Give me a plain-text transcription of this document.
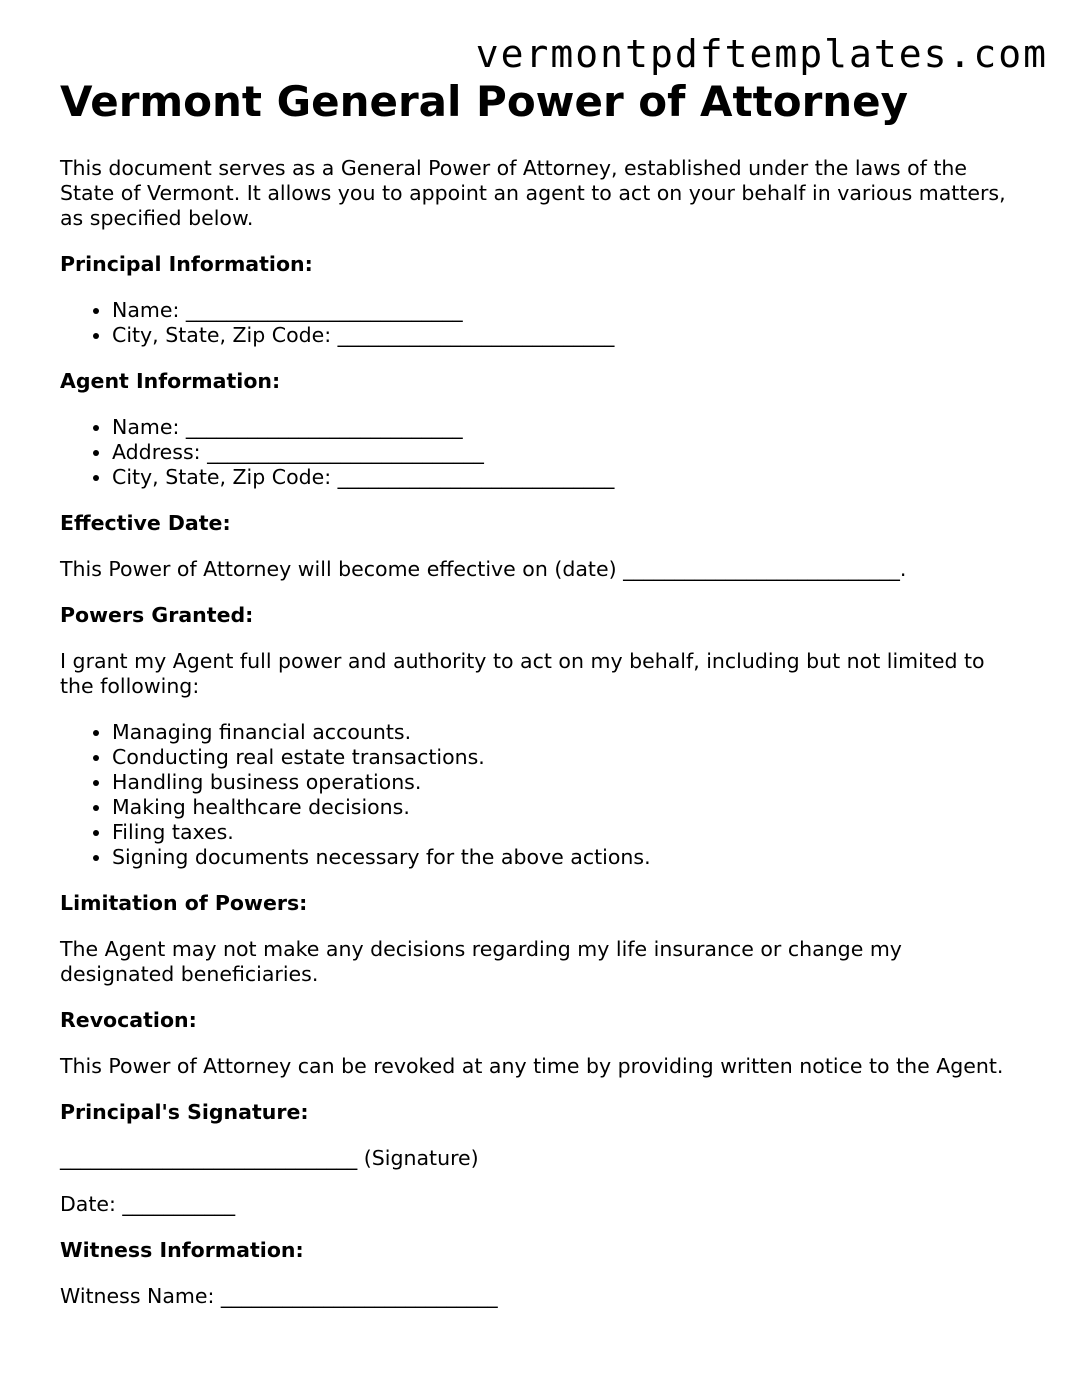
vermontpdftemplates.com
Vermont General Power of Attorney

This document serves as a General Power of Attorney, established under the laws of the State of Vermont. It allows you to appoint an agent to act on your behalf in various matters, as specified below.

Principal Information:
• Name: ___________________________
• City, State, Zip Code: ___________________________
Agent Information:
• Name: ___________________________
• Address: ___________________________
• City, State, Zip Code: ___________________________
Effective Date:

This Power of Attorney will become effective on (date) ___________________________.

Powers Granted:

I grant my Agent full power and authority to act on my behalf, including but not limited to the following:

• Managing financial accounts.
• Conducting real estate transactions.
• Handling business operations.
• Making healthcare decisions.
• Filing taxes.
• Signing documents necessary for the above actions.
Limitation of Powers:

The Agent may not make any decisions regarding my life insurance or change my designated beneficiaries.

Revocation:

This Power of Attorney can be revoked at any time by providing written notice to the Agent.

Principal's Signature:

_____________________________ (Signature)

Date: ___________

Witness Information:

Witness Name: ___________________________
